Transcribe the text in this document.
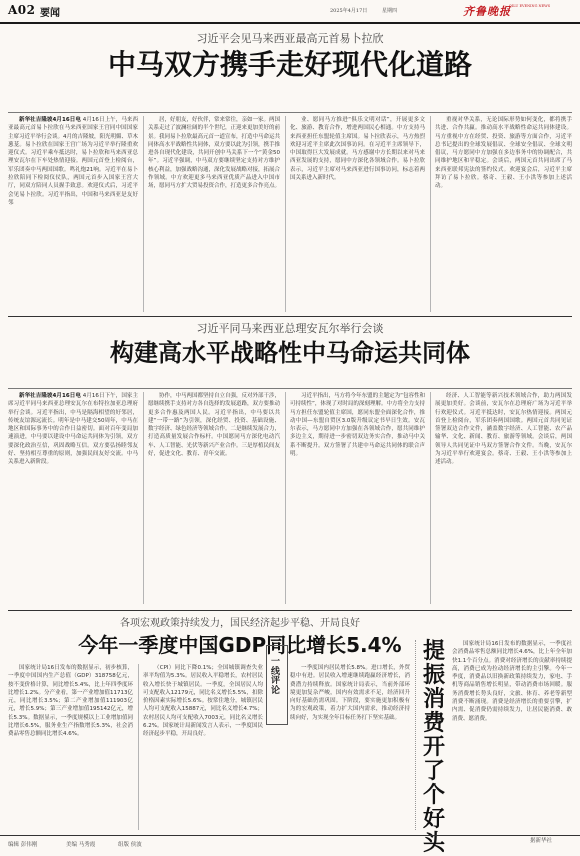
A02 要闻	2025年4月17日	星期四	齐鲁晚报
QILU EVENING NEWS
习近平会见马来西亚最高元首易卜拉欣
中马双方携手走好现代化道路

新华社吉隆坡4月16日电 4月16日上午，马来西亚最高元首易卜拉欣在马来西亚国家王宫同中国国家主席习近平举行会谈。4月的吉隆坡，阳光明媚、草木葱茏。易卜拉欣在国家王宫广场为习近平举行隆重欢迎仪式。习近平乘车抵达时，易卜拉欣和马来西亚总理安瓦尔在下车处热情迎接。两国元首登上检阅台，军乐团奏中马两国国歌。鸣礼炮21响。习近平在易卜拉欣陪同下检阅仪仗队，两国元首步入国家王宫大厅，同双方陪同人员握手致意。欢迎仪式后，习近平会见易卜拉欣。习近平指出，中国和马来西亚是友好邻

居，好朋友，好伙伴，常来常往，亲如一家。两国关系走过了波澜壮阔的半个世纪，正迎来更加美好的前景。我同易卜拉欣最高元首一道宣布，打造中马命运共同体高水平战略性共同体，双方要以此为引领，携手推进各自现代化建设，共同开创中马关系下一个“黄金50年”。习近平强调，中马双方要继续坚定支持对方维护核心利益，加强战略沟通，深化发展战略对接，拓展合作领域。中方欢迎更多马来西亚优质产品进入中国市场，愿同马方扩大贸易投资合作，打造更多合作亮点。

业、愿同马方推进“俱乐文明对话”，开展更多文化、旅游、教育合作，增进两国民心相通。中方支持马来西亚担任东盟轮值主席国。易卜拉欣表示，马方热烈欢迎习近平主席此次国事访问。在习近平主席领导下，中国取得巨大发展成就。马方感谢中方长期以来对马来西亚发展的支持，愿同中方深化各领域合作。易卜拉欣表示，习近平主席对马来西亚进行国事访问，标志着两国关系进入新时代。

重视对华关系，无论国际形势如何变化，都将携手共进、合作共赢。推动高水平战略性命运共同体建设。马方重视中方在经贸、投资、旅游等方面合作，习近平总书记提出的全球发展倡议、全球安全倡议、全球文明倡议，马方愿同中方加强在多边事务中的协调配合，共同维护地区和平稳定。会谈后，两国元首共同出席了马来西亚联邦宪法的签约仪式。欢迎宴会后，习近平主席拜访了易卜拉欣。蔡奇、王毅、王小洪等参加上述活动。

习近平同马来西亚总理安瓦尔举行会谈
构建高水平战略性中马命运共同体

新华社吉隆坡4月16日电 4月16日下午，国家主席习近平同马来西亚总理安瓦尔在布特拉加亚总理府举行会谈。习近平指出，中马是隔海相望的好邻居，传统友谊源远流长。明年是中马建交50周年，中马在地区和国际事务中的合作日益密切。面对百年变局加速演进，中马要以建设中马命运共同体为引领，双方要深化政治互信，巩固战略互信。双方要弘扬睦邻友好、坚持相互尊重的原则，加强民间友好交流。中马关系进入新阶段。

协作，中马两国都坚持自立自强，反对外部干涉，愿继续携手支持对方各自选择的发展道路，双方要推动更多合作惠及两国人民。习近平指出，中马要以共建“一带一路”为引领，深化经贸、投资、基础设施、数字经济、绿色经济等领域合作。二是继续发展合力，打造高质量发展合作标杆。中国愿同马方深化电动汽车、人工智能、光伏等新兴产业合作。三是厚植民间友好，促进文化、教育、青年交流。

习近平指出，马方将今年东盟的主题定为“包容性和可持续性”，体现了对时局的深刻理解。中方将全力支持马方担任东盟轮值主席国，愿同东盟全面深化合作，推动中国—东盟自贸区3.0版升级议定书早日生效。安瓦尔表示，马方愿同中方加强在各领域合作，愿共同维护多边主义，期待进一步密切双边务实合作，推动马中关系不断提升。双方签署了共建中马命运共同体的联合声明。

经济、人工智能等新兴技术领域合作，助力两国发展更加美好。会谈前，安瓦尔在总理府广场为习近平举行欢迎仪式。习近平抵达时，安瓦尔热情迎接。两国元首登上检阅台，军乐团奏两国国歌。两国元首共同见证签署双边合作文件，涵盖数字经济、人工智能、农产品输华、文化、新闻、教育、旅游等领域。会谈后，两国领导人共同见证中马双方签署合作文件。当晚，安瓦尔为习近平举行欢迎宴会。蔡奇、王毅、王小洪等参加上述活动。

各项宏观政策持续发力，国民经济起步平稳、开局良好
今年一季度中国GDP同比增长5.4%

国家统计局16日发布的数据显示，初步核算，一季度中国国内生产总值（GDP）318758亿元，按不变价格计算，同比增长5.4%，比上年四季度环比增长1.2%。分产业看，第一产业增加值11713亿元，同比增长3.5%；第二产业增加值111903亿元，增长5.9%；第三产业增加值195142亿元，增长5.3%。数据显示，一季度规模以上工业增加值同比增长6.5%，服务业生产指数增长5.3%，社会消费品零售总额同比增长4.6%。

（CPI）同比下降0.1%；全国城镇调查失业率平均值为5.3%。居民收入平稳增长，农村居民收入增长快于城镇居民。一季度，全国居民人均可支配收入12179元，同比名义增长5.5%，扣除价格因素实际增长5.6%。按常住地分，城镇居民人均可支配收入15887元，同比名义增长4.7%；农村居民人均可支配收入7003元，同比名义增长6.2%。国家统计局新闻发言人表示，一季度国民经济起步平稳，开局良好。

一线评论

一季度国内居民增长5.8%。进口增长，外贸稳中有进。居民收入增速继续跑赢经济增长，消费潜力持续释放。国家统计局表示，当前外部环境更加复杂严峻，国内有效需求不足，经济回升向好基础仍需巩固。下阶段，要实施更加积极有为的宏观政策，着力扩大国内需求，推动经济持续向好，为实现全年目标任务打下坚实基础。

提振消费开了个好头

国家统计局16日发布的数据显示，一季度社会消费品零售总额同比增长4.6%，比上年全年加快1.1个百分点。消费对经济增长的贡献率持续提高，消费已成为拉动经济增长的主引擎。今年一季度，消费品以旧换新政策持续发力，家电、手机等商品销售增长明显，带动消费市场回暖。服务消费增长势头良好，文旅、体育、养老等新型消费不断涌现。消费是经济增长的重要引擎，扩内需、促消费仍需持续发力，让居民能消费、敢消费、愿消费。

编辑 彭伟刚	美编 马秀霞	组版 侯波
据新华社
